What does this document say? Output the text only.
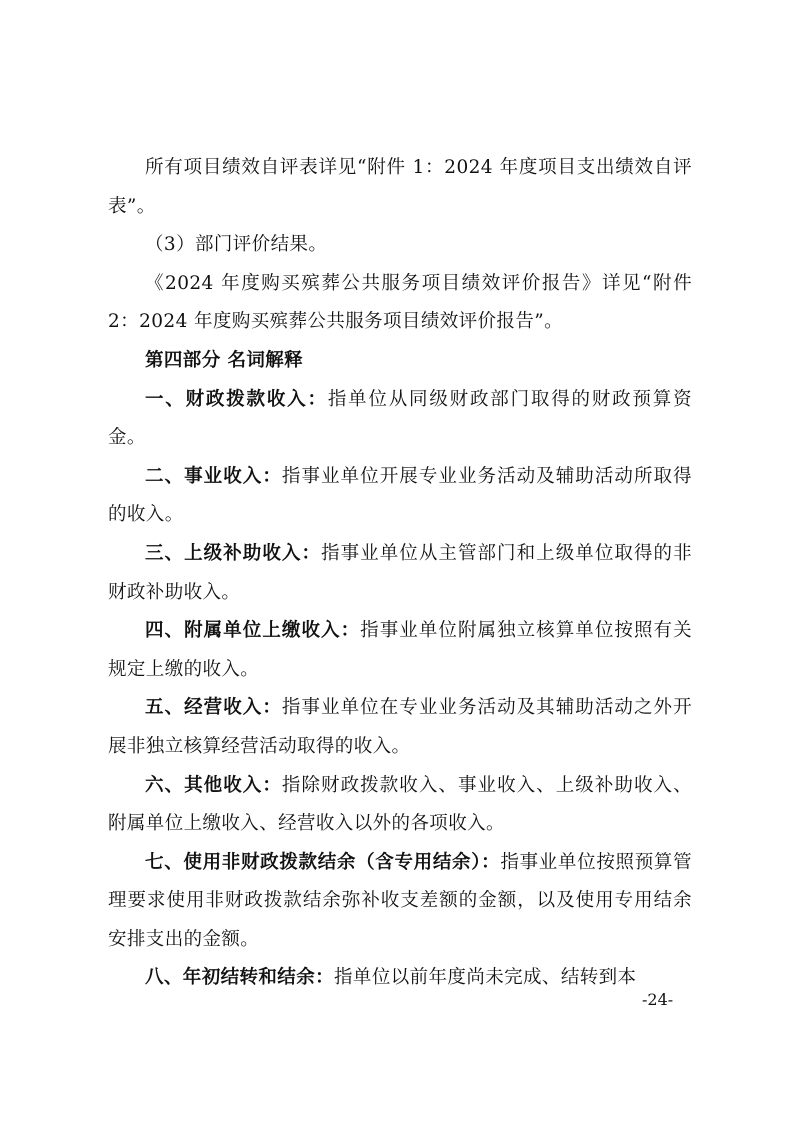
所有项目绩效自评表详见“附件 1：2024 年度项目支出绩效自评表”。

（3）部门评价结果。

《2024 年度购买殡葬公共服务项目绩效评价报告》详见“附件 2：2024 年度购买殡葬公共服务项目绩效评价报告”。

第四部分 名词解释

一、财政拨款收入：指单位从同级财政部门取得的财政预算资金。

二、事业收入：指事业单位开展专业业务活动及辅助活动所取得的收入。

三、上级补助收入：指事业单位从主管部门和上级单位取得的非财政补助收入。

四、附属单位上缴收入：指事业单位附属独立核算单位按照有关规定上缴的收入。

五、经营收入：指事业单位在专业业务活动及其辅助活动之外开展非独立核算经营活动取得的收入。

六、其他收入：指除财政拨款收入、事业收入、上级补助收入、附属单位上缴收入、经营收入以外的各项收入。

七、使用非财政拨款结余（含专用结余）：指事业单位按照预算管理要求使用非财政拨款结余弥补收支差额的金额，以及使用专用结余安排支出的金额。

八、年初结转和结余：指单位以前年度尚未完成、结转到本

-24-
